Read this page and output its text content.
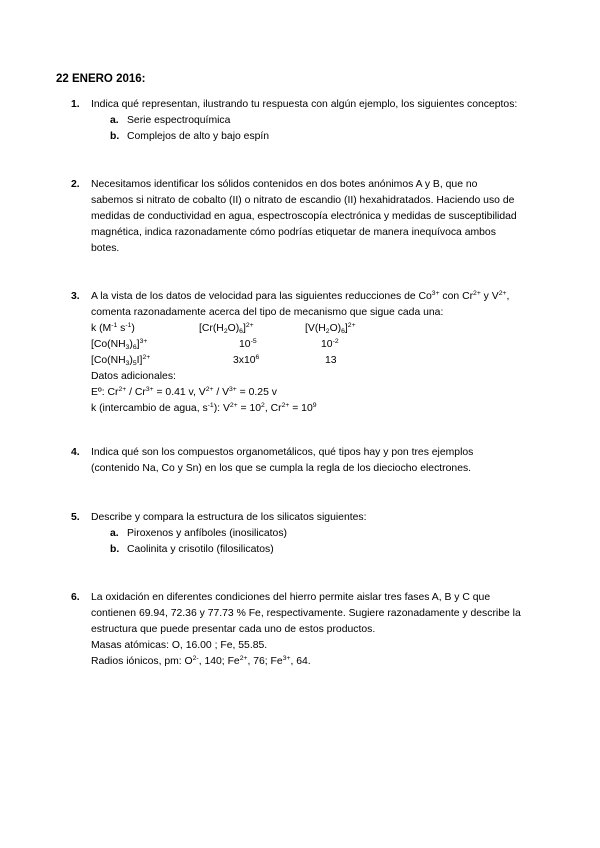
22 ENERO 2016:
1. Indica qué representan, ilustrando tu respuesta con algún ejemplo, los siguientes conceptos:
a. Serie espectroquímica
b. Complejos de alto y bajo espín
2. Necesitamos identificar los sólidos contenidos en dos botes anónimos A y B, que no
sabemos si nitrato de cobalto (II) o nitrato de escandio (II) hexahidratados. Haciendo uso de
medidas de conductividad en agua, espectroscopía electrónica y medidas de susceptibilidad
magnética, indica razonadamente cómo podrías etiquetar de manera inequívoca ambos
botes.
3. A la vista de los datos de velocidad para las siguientes reducciones de $Co^{3+}$ con $Cr^{2+}$ y $V^{2+}$,
comenta razonadamente acerca del tipo de mecanismo que sigue cada una:
k ($M^{-1}$ $s^{-1}$)	$[Cr(H_2O)_6]^{2+}$	$[V(H_2O)_6]^{2+}$
$[Co(NH_3)_6]^{3+}$	$10^{-5}$	$10^{-2}$
$[Co(NH_3)_5I]^{2+}$	$3x10^6$	13
Datos adicionales:
Eº: $Cr^{2+} / Cr^{3+} = 0.41$ v, $V^{2+} / V^{3+} = 0.25$ v
k (intercambio de agua, $s^{-1}$): $V^{2+} = 10^2$, $Cr^{2+} = 10^9$
4. Indica qué son los compuestos organometálicos, qué tipos hay y pon tres ejemplos
(contenido Na, Co y Sn) en los que se cumpla la regla de los dieciocho electrones.
5. Describe y compara la estructura de los silicatos siguientes:
a. Piroxenos y anfíboles (inosilicatos)
b. Caolinita y crisotilo (filosilicatos)
6. La oxidación en diferentes condiciones del hierro permite aislar tres fases A, B y C que
contienen 69.94, 72.36 y 77.73 % Fe, respectivamente. Sugiere razonadamente y describe la
estructura que puede presentar cada uno de estos productos.
Masas atómicas: O, 16.00 ; Fe, 55.85.
Radios iónicos, pm: $O^{2-}$, 140; $Fe^{2+}$, 76; $Fe^{3+}$, 64.
